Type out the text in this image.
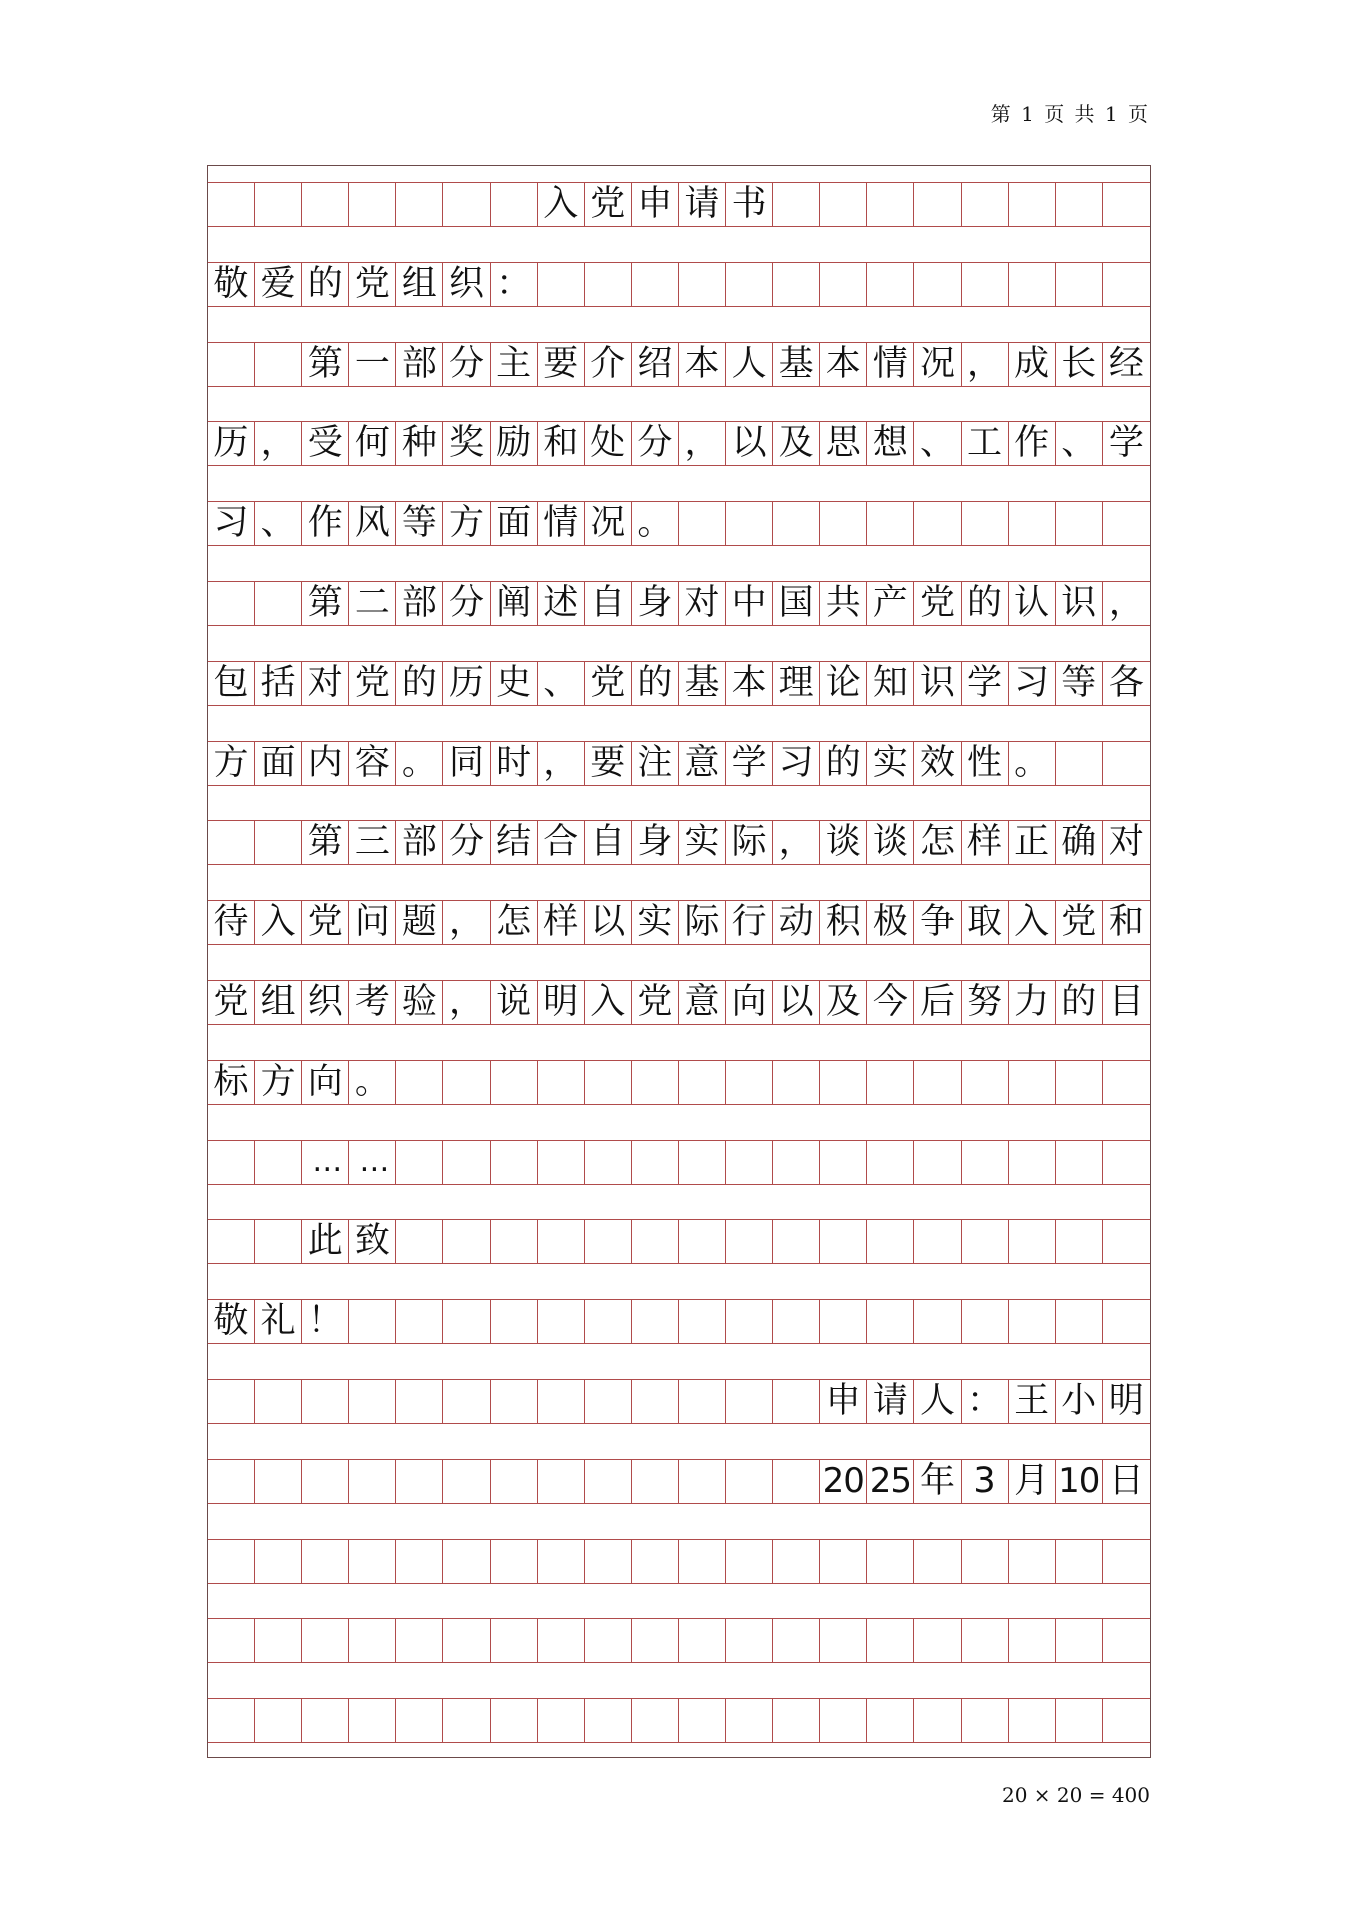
第 1 页 共 1 页
入 党 申 请 书
敬 爱 的 党 组 织 ：
第 一 部 分 主 要 介 绍 本 人 基 本 情 况 ， 成 长 经
历 ， 受 何 种 奖 励 和 处 分 ， 以 及 思 想 、 工 作 、 学
习 、 作 风 等 方 面 情 况 。
第 二 部 分 阐 述 自 身 对 中 国 共 产 党 的 认 识 ，
包 括 对 党 的 历 史 、 党 的 基 本 理 论 知 识 学 习 等 各
方 面 内 容 。 同 时 ， 要 注 意 学 习 的 实 效 性 。
第 三 部 分 结 合 自 身 实 际 ， 谈 谈 怎 样 正 确 对
待 入 党 问 题 ， 怎 样 以 实 际 行 动 积 极 争 取 入 党 和
党 组 织 考 验 ， 说 明 入 党 意 向 以 及 今 后 努 力 的 目
标 方 向 。
… …
此 致
敬 礼 ！
申 请 人 ： 王 小 明
20 25 年 3 月 10 日
20 × 20 = 400
